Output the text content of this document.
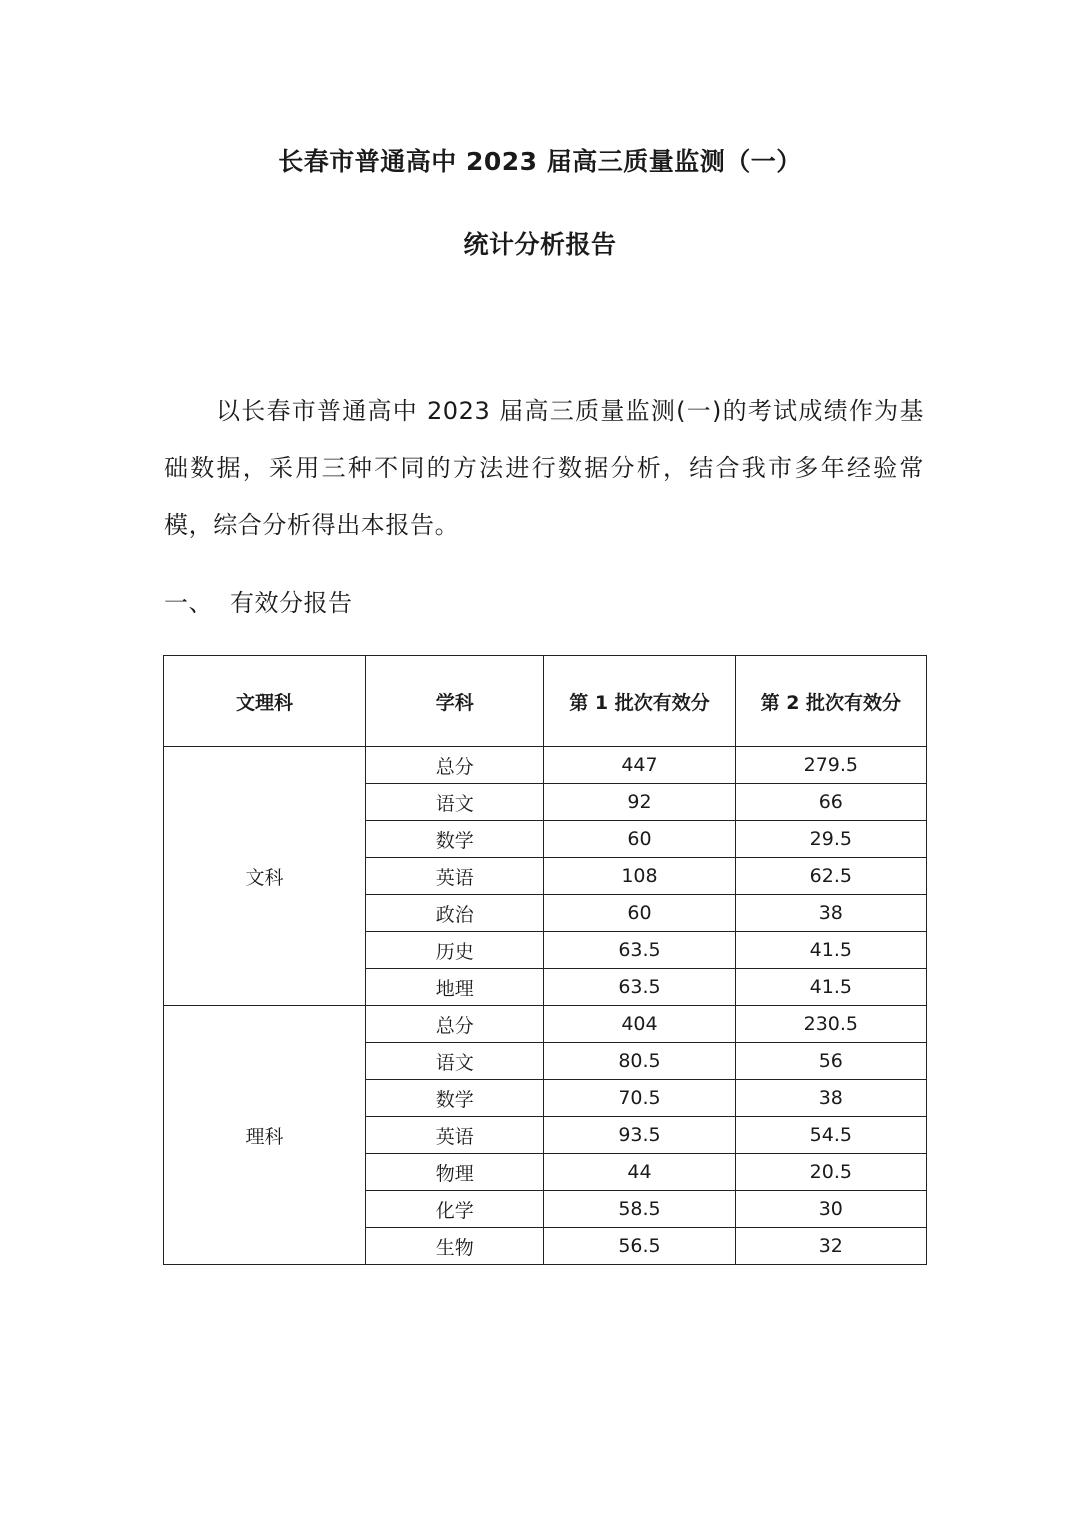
长春市普通高中 2023 届高三质量监测（一）
统计分析报告

以长春市普通高中 2023 届高三质量监测(一)的考试成绩作为基础数据，采用三种不同的方法进行数据分析，结合我市多年经验常模，综合分析得出本报告。

一、 有效分报告
文理科	学科	第 1 批次有效分	第 2 批次有效分
文科	总分	447	279.5
	语文	92	66
	数学	60	29.5
	英语	108	62.5
	政治	60	38
	历史	63.5	41.5
	地理	63.5	41.5
理科	总分	404	230.5
	语文	80.5	56
	数学	70.5	38
	英语	93.5	54.5
	物理	44	20.5
	化学	58.5	30
	生物	56.5	32
